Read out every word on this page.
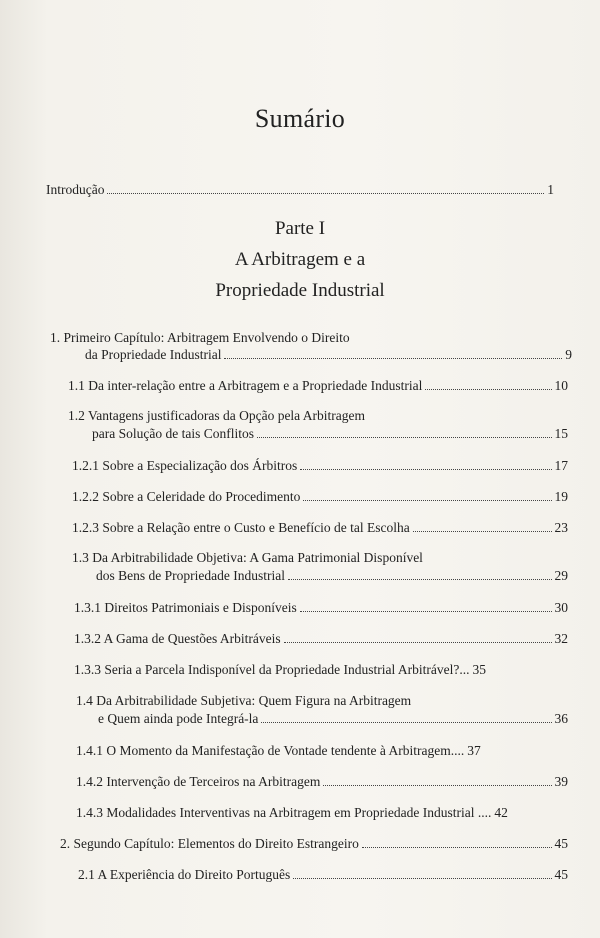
Sumário
Introdução	1
Parte I
A Arbitragem e a
Propriedade Industrial
1. Primeiro Capítulo: Arbitragem Envolvendo o Direito
da Propriedade Industrial	9
1.1 Da inter-relação entre a Arbitragem e a Propriedade Industrial	10
1.2 Vantagens justificadoras da Opção pela Arbitragem
para Solução de tais Conflitos	15
1.2.1 Sobre a Especialização dos Árbitros	17
1.2.2 Sobre a Celeridade do Procedimento	19
1.2.3 Sobre a Relação entre o Custo e Benefício de tal Escolha	23
1.3 Da Arbitrabilidade Objetiva: A Gama Patrimonial Disponível
dos Bens de Propriedade Industrial	29
1.3.1 Direitos Patrimoniais e Disponíveis	30
1.3.2 A Gama de Questões Arbitráveis	32
1.3.3 Seria a Parcela Indisponível da Propriedade Industrial Arbitrável?... 35
1.4 Da Arbitrabilidade Subjetiva: Quem Figura na Arbitragem
e Quem ainda pode Integrá-la	36
1.4.1 O Momento da Manifestação de Vontade tendente à Arbitragem.... 37
1.4.2 Intervenção de Terceiros na Arbitragem	39
1.4.3 Modalidades Interventivas na Arbitragem em Propriedade Industrial .... 42
2. Segundo Capítulo: Elementos do Direito Estrangeiro	45
2.1 A Experiência do Direito Português	45
